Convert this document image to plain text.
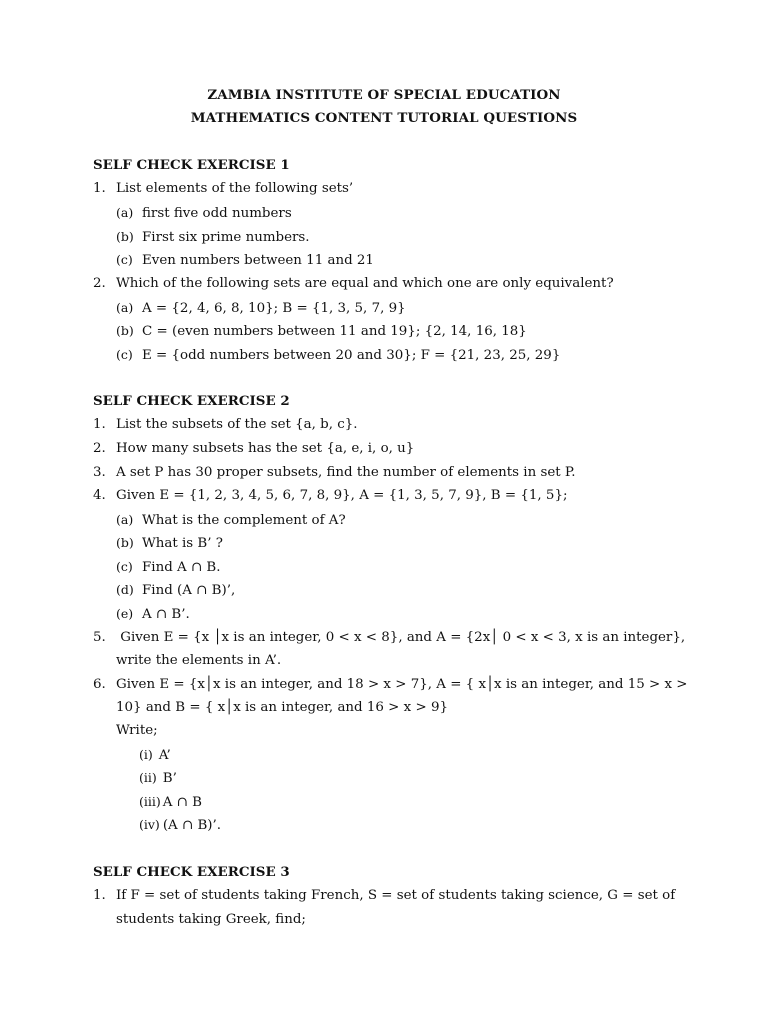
ZAMBIA INSTITUTE OF SPECIAL EDUCATION
MATHEMATICS CONTENT TUTORIAL QUESTIONS
SELF CHECK EXERCISE 1
1. List elements of the following sets’
(a) first five odd numbers
(b) First six prime numbers.
(c) Even numbers between 11 and 21
2. Which of the following sets are equal and which one are only equivalent?
(a) A = {2, 4, 6, 8, 10}; B = {1, 3, 5, 7, 9}
(b) C = (even numbers between 11 and 19}; {2, 14, 16, 18}
(c) E = {odd numbers between 20 and 30}; F = {21, 23, 25, 29}
SELF CHECK EXERCISE 2
1. List the subsets of the set {a, b, c}.
2. How many subsets has the set {a, e, i, o, u}
3. A set P has 30 proper subsets, find the number of elements in set P.
4. Given E = {1, 2, 3, 4, 5, 6, 7, 8, 9}, A = {1, 3, 5, 7, 9}, B = {1, 5};
(a) What is the complement of A?
(b) What is B’ ?
(c) Find A ∩ B.
(d) Find (A ∩ B)’,
(e) A ∩ B’.
5. Given E = {x │x is an integer, 0 < x < 8}, and A = {2x│ 0 < x < 3, x is an integer},
write the elements in A’.
6. Given E = {x│x is an integer, and 18 > x > 7}, A = { x│x is an integer, and 15 > x >
10} and B = { x│x is an integer, and 16 > x > 9}
Write;
(i) A’
(ii) B’
(iii) A ∩ B
(iv) (A ∩ B)’.
SELF CHECK EXERCISE 3
1. If F = set of students taking French, S = set of students taking science, G = set of
students taking Greek, find;
